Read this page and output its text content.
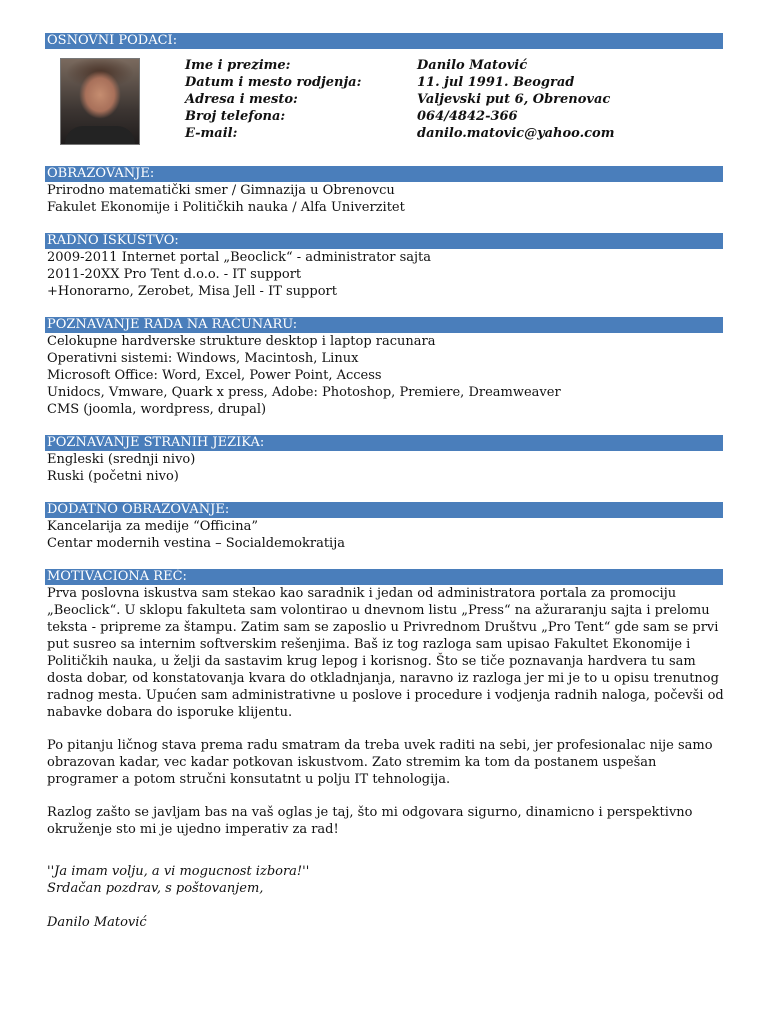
OSNOVNI PODACI:
Ime i prezime:	Danilo Matović
Datum i mesto rodjenja:	11. jul 1991. Beograd
Adresa i mesto:	Valjevski put 6, Obrenovac
Broj telefona:	064/4842-366
E-mail:	danilo.matovic@yahoo.com
OBRAZOVANJE:
Prirodno matematički smer / Gimnazija u Obrenovcu
Fakulet Ekonomije i Političkih nauka / Alfa Univerzitet
RADNO ISKUSTVO:
2009-2011 Internet portal „Beoclick“ - administrator sajta
2011-20XX Pro Tent d.o.o. - IT support
+Honorarno, Zerobet, Misa Jell - IT support
POZNAVANJE RADA NA RAČUNARU:
Celokupne hardverske strukture desktop i laptop racunara
Operativni sistemi: Windows, Macintosh, Linux
Microsoft Office: Word, Excel, Power Point, Access
Unidocs, Vmware, Quark x press, Adobe: Photoshop, Premiere, Dreamweaver
CMS (joomla, wordpress, drupal)
POZNAVANJE STRANIH JEZIKA:
Engleski (srednji nivo)
Ruski (početni nivo)
DODATNO OBRAZOVANJE:
Kancelarija za medije “Officina”
Centar modernih vestina – Socialdemokratija
MOTIVACIONA REČ:
Prva poslovna iskustva sam stekao kao saradnik i jedan od administratora portala za promociju
„Beoclick“. U sklopu fakulteta sam volontirao u dnevnom listu „Press“ na ažuraranju sajta i prelomu
teksta - pripreme za štampu. Zatim sam se zaposlio u Privrednom Društvu „Pro Tent“ gde sam se prvi
put susreo sa internim softverskim rešenjima. Baš iz tog razloga sam upisao Fakultet Ekonomije i
Političkih nauka, u želji da sastavim krug lepog i korisnog. Što se tiče poznavanja hardvera tu sam
dosta dobar, od konstatovanja kvara do otkladnjanja, naravno iz razloga jer mi je to u opisu trenutnog
radnog mesta. Upućen sam administrativne u poslove i procedure i vodjenja radnih naloga, počevši od
nabavke dobara do isporuke klijentu.
Po pitanju ličnog stava prema radu smatram da treba uvek raditi na sebi, jer profesionalac nije samo
obrazovan kadar, vec kadar potkovan iskustvom. Zato stremim ka tom da postanem uspešan
programer a potom stručni konsutatnt u polju IT tehnologija.
Razlog zašto se javljam bas na vaš oglas je taj, što mi odgovara sigurno, dinamicno i perspektivno
okruženje sto mi je ujedno imperativ za rad!
''Ja imam volju, a vi mogucnost izbora!''
Srdačan pozdrav, s poštovanjem,
Danilo Matović
